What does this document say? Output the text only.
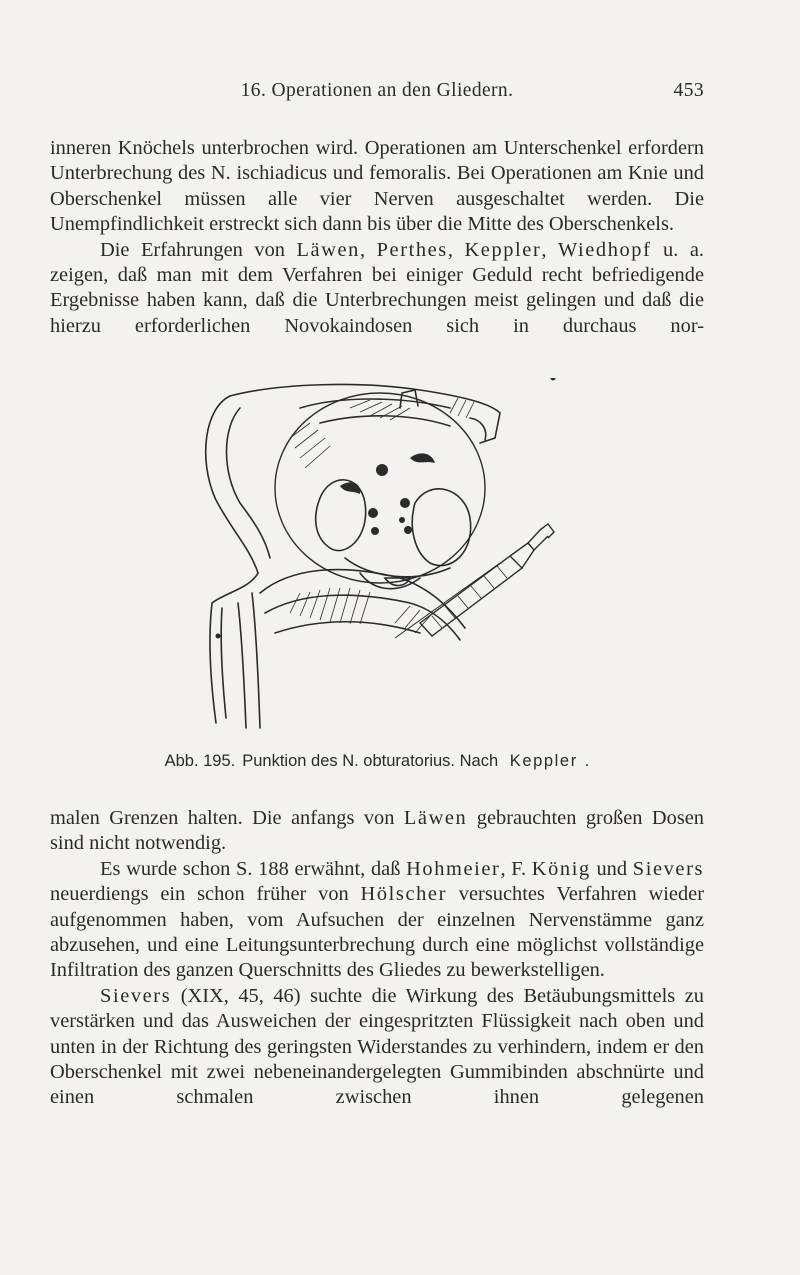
16. Operationen an den Gliedern.	453

inneren Knöchels unterbrochen wird. Operationen am Unterschenkel erfordern Unterbrechung des N. ischiadicus und femoralis. Bei Operationen am Knie und Oberschenkel müssen alle vier Nerven ausgeschaltet werden. Die Unempfindlichkeit erstreckt sich dann bis über die Mitte des Oberschenkels.

Die Erfahrungen von Läwen, Perthes, Keppler, Wiedhopf u. a. zeigen, daß man mit dem Verfahren bei einiger Geduld recht befriedigende Ergebnisse haben kann, daß die Unterbrechungen meist gelingen und daß die hierzu erforderlichen Novokaindosen sich in durchaus nor-

Abb. 195. Punktion des N. obturatorius. Nach Keppler .

malen Grenzen halten. Die anfangs von Läwen gebrauchten großen Dosen sind nicht notwendig.

Es wurde schon S. 188 erwähnt, daß Hohmeier, F. König und Sievers neuerdiengs ein schon früher von Hölscher versuchtes Verfahren wieder aufgenommen haben, vom Aufsuchen der einzelnen Nervenstämme ganz abzusehen, und eine Leitungsunterbrechung durch eine möglichst vollständige Infiltration des ganzen Querschnitts des Gliedes zu bewerkstelligen.

Sievers (XIX, 45, 46) suchte die Wirkung des Betäubungsmittels zu verstärken und das Ausweichen der eingespritzten Flüssigkeit nach oben und unten in der Richtung des geringsten Widerstandes zu verhindern, indem er den Oberschenkel mit zwei nebeneinandergelegten Gummibinden abschnürte und einen schmalen zwischen ihnen gelegenen
